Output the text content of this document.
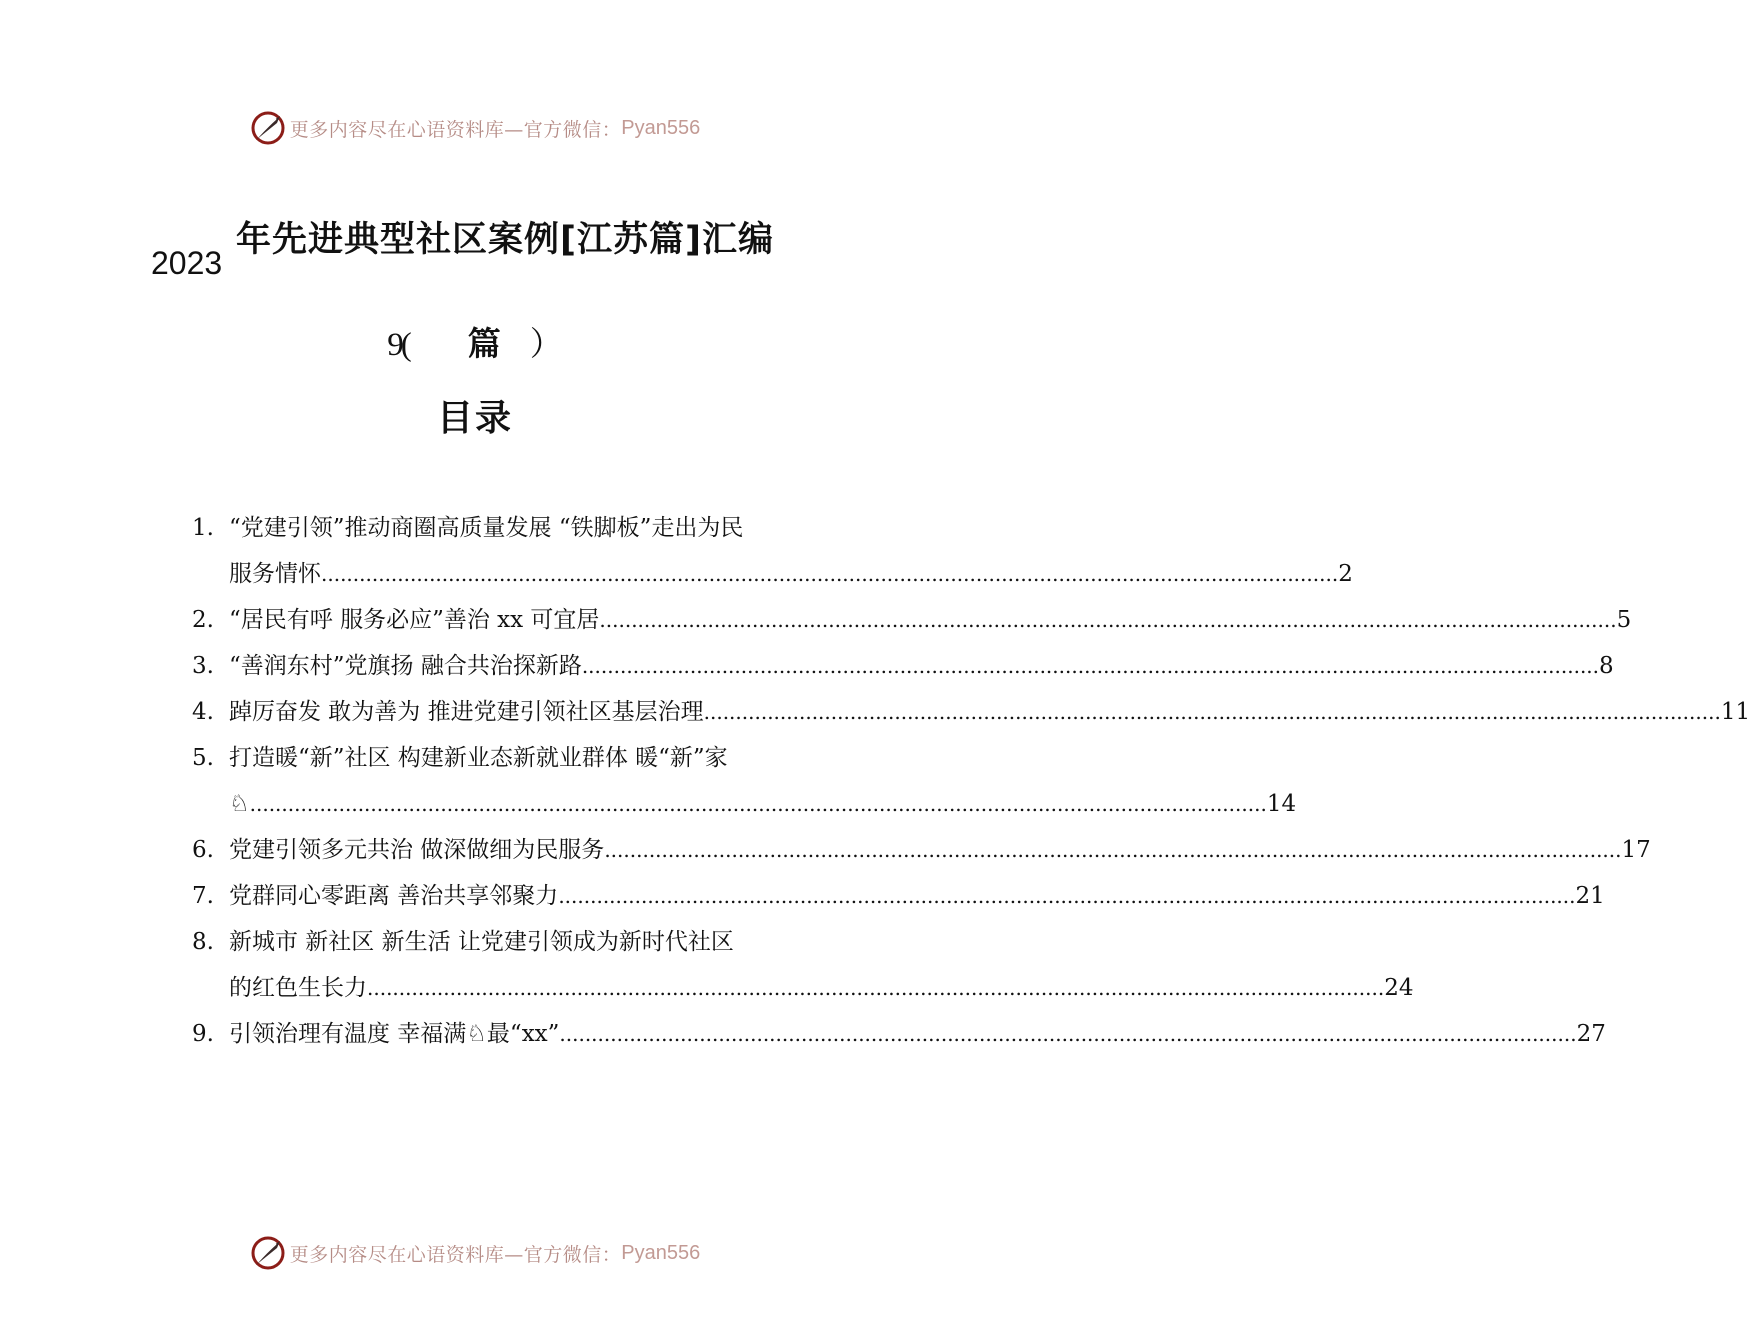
更多内容尽在心语资料库—官方微信： Pyan556
2023
年先进典型社区案例[江苏篇]汇编
9( 篇 ）
目录
1. “党建引领”推动商圈高质量发展 “铁脚板”走出为民
服务情怀 .....	2
2. “居民有呼 服务必应”善治 xx 可宜居 .....	5
3. “善润东村”党旗扬 融合共治探新路 .....	8
4. 踔厉奋发 敢为善为 推进党建引领社区基层治理 .....	11
5. 打造暖“新”社区 构建新业态新就业群体 暖“新”家
♘ .....	14
6. 党建引领多元共治 做深做细为民服务 .....	17
7. 党群同心零距离 善治共享邻聚力 .....	21
8. 新城市 新社区 新生活 让党建引领成为新时代社区
的红色生长力 .....	24
9. 引领治理有温度 幸福满♘最“xx” .....	27
更多内容尽在心语资料库—官方微信： Pyan556
